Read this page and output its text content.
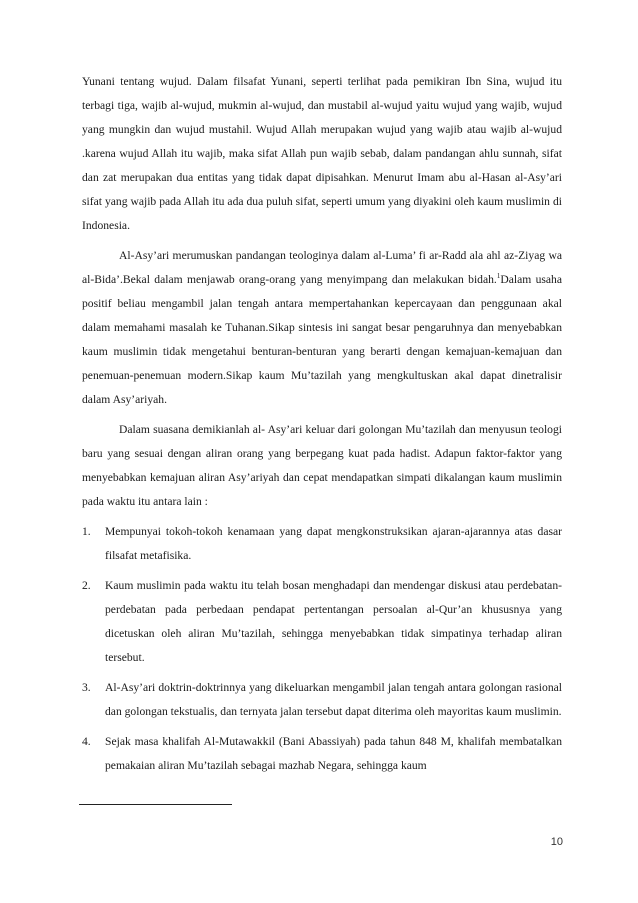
Yunani tentang wujud. Dalam filsafat Yunani, seperti terlihat pada pemikiran Ibn Sina, wujud itu terbagi tiga, wajib al-wujud, mukmin al-wujud, dan mustabil al-wujud yaitu wujud yang wajib, wujud yang mungkin dan wujud mustahil. Wujud Allah merupakan wujud yang wajib atau wajib al-wujud .karena wujud Allah itu wajib, maka sifat Allah pun wajib sebab, dalam pandangan ahlu sunnah, sifat dan zat merupakan dua entitas yang tidak dapat dipisahkan. Menurut Imam abu al-Hasan al-Asy’ari sifat yang wajib pada Allah itu ada dua puluh sifat, seperti umum yang diyakini oleh kaum muslimin di Indonesia.

Al-Asy’ari merumuskan pandangan teologinya dalam al-Luma’ fi ar-Radd ala ahl az-Ziyag wa al-Bida’.Bekal dalam menjawab orang-orang yang menyimpang dan melakukan bidah.$^1$Dalam usaha positif beliau mengambil jalan tengah antara mempertahankan kepercayaan dan penggunaan akal dalam memahami masalah ke Tuhanan.Sikap sintesis ini sangat besar pengaruhnya dan menyebabkan kaum muslimin tidak mengetahui benturan-benturan yang berarti dengan kemajuan-kemajuan dan penemuan-penemuan modern.Sikap kaum Mu’tazilah yang mengkultuskan akal dapat dinetralisir dalam Asy’ariyah.

Dalam suasana demikianlah al- Asy’ari keluar dari golongan Mu’tazilah dan menyusun teologi baru yang sesuai dengan aliran orang yang berpegang kuat pada hadist. Adapun faktor-faktor yang menyebabkan kemajuan aliran Asy’ariyah dan cepat mendapatkan simpati dikalangan kaum muslimin pada waktu itu antara lain :

1. Mempunyai tokoh-tokoh kenamaan yang dapat mengkonstruksikan ajaran-ajarannya atas dasar filsafat metafisika.
2. Kaum muslimin pada waktu itu telah bosan menghadapi dan mendengar diskusi atau perdebatan-perdebatan pada perbedaan pendapat pertentangan persoalan al-Qur’an khususnya yang dicetuskan oleh aliran Mu’tazilah, sehingga menyebabkan tidak simpatinya terhadap aliran tersebut.
3. Al-Asy’ari doktrin-doktrinnya yang dikeluarkan mengambil jalan tengah antara golongan rasional dan golongan tekstualis, dan ternyata jalan tersebut dapat diterima oleh mayoritas kaum muslimin.
4. Sejak masa khalifah Al-Mutawakkil (Bani Abassiyah) pada tahun 848 M, khalifah membatalkan pemakaian aliran Mu’tazilah sebagai mazhab Negara, sehingga kaum
10
